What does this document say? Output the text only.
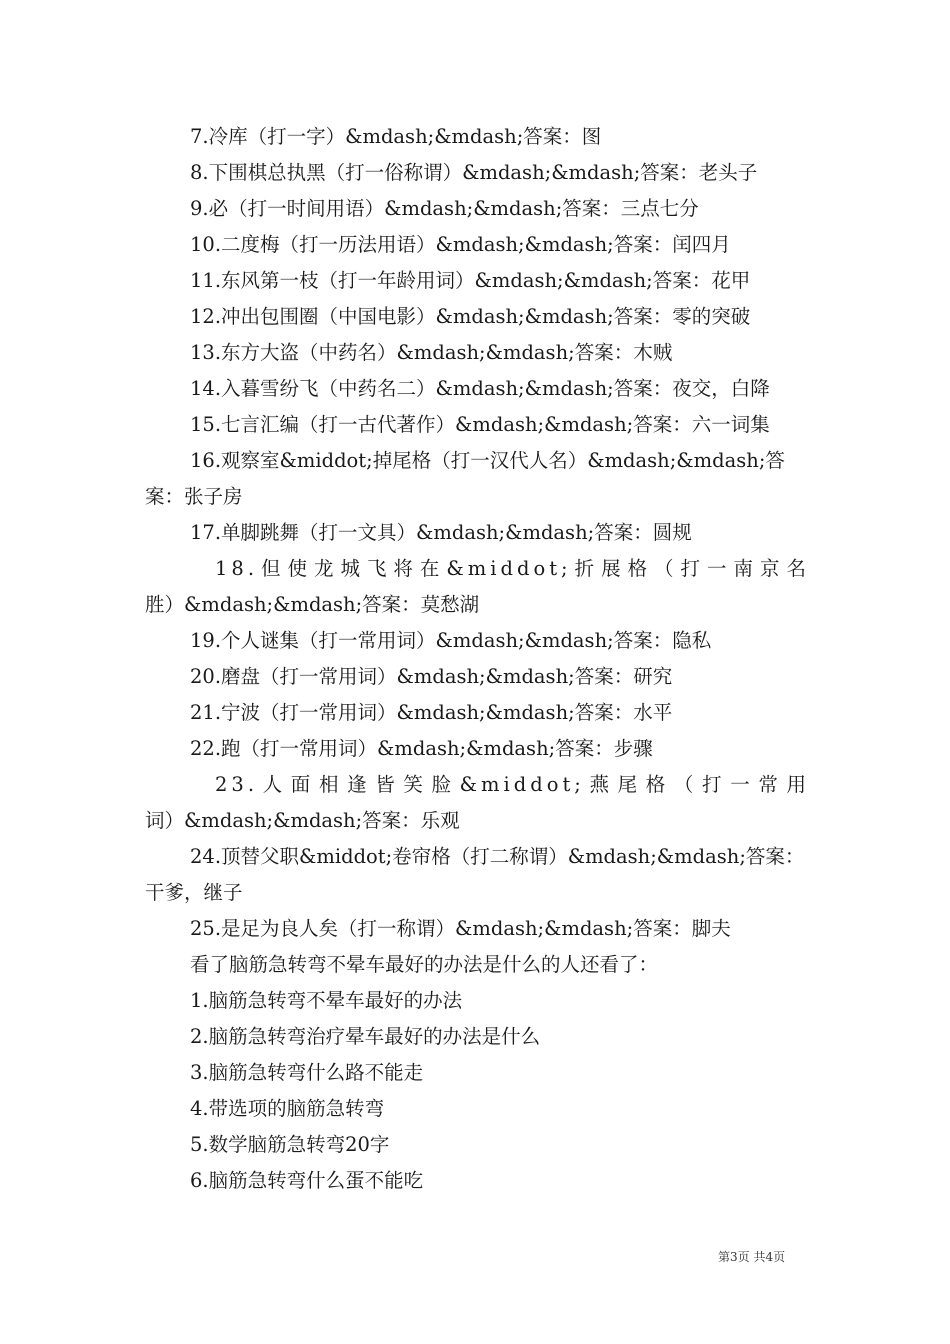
7.冷库（打一字）&mdash;&mdash;答案：图
8.下围棋总执黑（打一俗称谓）&mdash;&mdash;答案：老头子
9.必（打一时间用语）&mdash;&mdash;答案：三点七分
10.二度梅（打一历法用语）&mdash;&mdash;答案：闰四月
11.东风第一枝（打一年龄用词）&mdash;&mdash;答案：花甲
12.冲出包围圈（中国电影）&mdash;&mdash;答案：零的突破
13.东方大盗（中药名）&mdash;&mdash;答案：木贼
14.入暮雪纷飞（中药名二）&mdash;&mdash;答案：夜交，白降
15.七言汇编（打一古代著作）&mdash;&mdash;答案：六一词集
16.观察室&middot;掉尾格（打一汉代人名）&mdash;&mdash;答
案：张子房
17.单脚跳舞（打一文具）&mdash;&mdash;答案：圆规
18.但使龙城飞将在&middot;折展格（打一南京名
胜）&mdash;&mdash;答案：莫愁湖
19.个人谜集（打一常用词）&mdash;&mdash;答案：隐私
20.磨盘（打一常用词）&mdash;&mdash;答案：研究
21.宁波（打一常用词）&mdash;&mdash;答案：水平
22.跑（打一常用词）&mdash;&mdash;答案：步骤
23.人面相逢皆笑脸&middot;燕尾格（打一常用
词）&mdash;&mdash;答案：乐观
24.顶替父职&middot;卷帘格（打二称谓）&mdash;&mdash;答案：
干爹，继子
25.是足为良人矣（打一称谓）&mdash;&mdash;答案：脚夫
看了脑筋急转弯不晕车最好的办法是什么的人还看了：
1.脑筋急转弯不晕车最好的办法
2.脑筋急转弯治疗晕车最好的办法是什么
3.脑筋急转弯什么路不能走
4.带选项的脑筋急转弯
5.数学脑筋急转弯20字
6.脑筋急转弯什么蛋不能吃
第3页 共4页
